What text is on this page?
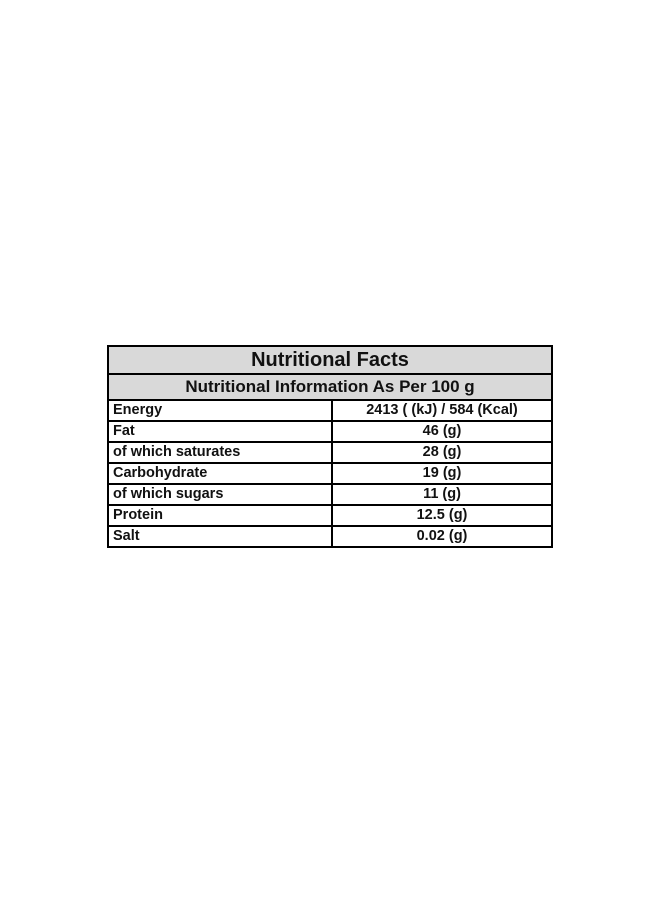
Nutritional Facts	
Nutritional Information As Per 100 g	
Energy	2413 ( (kJ) / 584 (Kcal)
Fat	46 (g)
of which saturates	28 (g)
Carbohydrate	19 (g)
of which sugars	11 (g)
Protein	12.5 (g)
Salt	0.02 (g)
